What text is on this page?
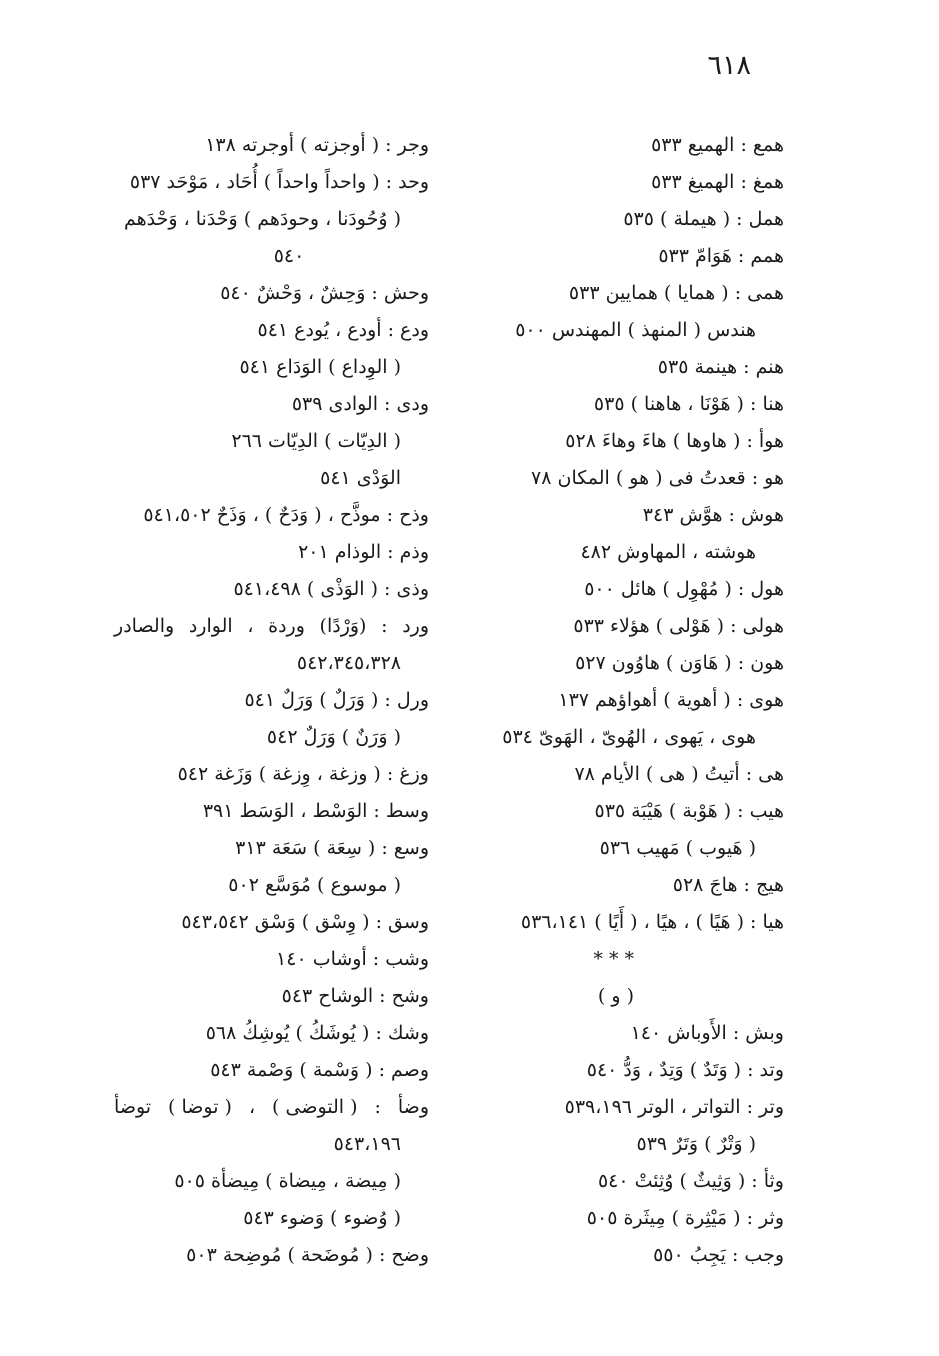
٦١٨
همع : الهميع ٥٣٣
همغ : الهميغ ٥٣٣
همل : ( هيملة ) ٥٣٥
همم : هَوَامّ ٥٣٣
همى : ( همايا ) همايين ٥٣٣
هندس ( المنهذ ) المهندس ٥٠٠
هنم : هينمة ٥٣٥
هنا : ( هَوْنَا ، هاهنا ) ٥٣٥
هوأ : ( هاوها ) هاءَ وهاءَ ٥٢٨
هو : قعدتُ فى ( هو ) المكان ٧٨
هوش : هوَّش ٣٤٣
هوشته ، المهاوش ٤٨٢
هول : ( مُهْوِل ) هائل ٥٠٠
هولى : ( هَوْلى ) هؤلاء ٥٣٣
هون : ( هَاوَن ) هاوُون ٥٢٧
هوى : ( أهوية ) أهواؤهم ١٣٧
هوى ، يَهوى ، الهُوىّ ، الهَوىّ ٥٣٤
هى : أتيتُ ( هى ) الأيام ٧٨
هيب : ( هَوْبة ) هَيْبَة ٥٣٥
( هَيوب ) مَهيب ٥٣٦
هيج : هاجَ ٥٢٨
هيا : ( هَيًا ) ، هيًا ، ( أَيًا ) ٥٣٦،١٤١
* * *
( و )
وبش : الأَوباش ١٤٠
وتد : ( وَتَدٌ ) وَتِدٌ ، وَدُّ ٥٤٠
وتر : التواتر ، الوتر ٥٣٩،١٩٦
( وَتْرٌ ) وَتَرٌ ٥٣٩
وثأ : ( وَثِيثٌ ) وُثِئتْ ٥٤٠
وثر : ( مَيْثِرة ) مِيثَرة ٥٠٥
وجب : يَجِبُ ٥٥٠
وجر : ( أوجزته ) أوجرته ١٣٨
وحد : ( واحداً واحداً ) أُحَاد ، مَوْحَد ٥٣٧
( وُحُودَنا ، وحودَهم ) وَحْدَنا ، وَحْدَهم
٥٤٠
وحش : وَحِشٌ ، وَحْشٌ ٥٤٠
ودع : أودع ، يُودع ٥٤١
( الوِداع ) الوَدَاع ٥٤١
ودى : الوادى ٥٣٩
( الدِيّات ) الدِيّات ٢٦٦
الوَدْى ٥٤١
وذح : موذَّح ، ( وَدَحٌ ) ، وَذَحٌ ٥٤١،٥٠٢
وذم : الوذام ٢٠١
وذى : ( الوَذْى ) ٥٤١،٤٩٨
ورد
:
(وَرْدًا)
وردة
،
الوارد
والصادر
٥٤٢،٣٤٥،٣٢٨
ورل : ( وَرَلٌ ) وَرَلٌ ٥٤١
( وَرَنٌ ) وَرَلٌ ٥٤٢
وزغ : ( وزغة ، وِزغة ) وَزَغة ٥٤٢
وسط : الوَسْط ، الوَسَط ٣٩١
وسع : ( سِعَة ) سَعَة ٣١٣
( موسوع ) مُوَسَّع ٥٠٢
وسق : ( وِسْق ) وَسْق ٥٤٣،٥٤٢
وشب : أوشاب ١٤٠
وشح : الوشاح ٥٤٣
وشك : ( يُوشَكُ ) يُوشِكُ ٥٦٨
وصم : ( وَسْمة ) وَصْمة ٥٤٣
وضأ
:
( التوضى )
،
( توضا )
توضأ
٥٤٣،١٩٦
( مِيضة ، مِيضاة ) مِيضأة ٥٠٥
( وُضوء ) وَضوء ٥٤٣
وضح : ( مُوضَحة ) مُوضِحة ٥٠٣
